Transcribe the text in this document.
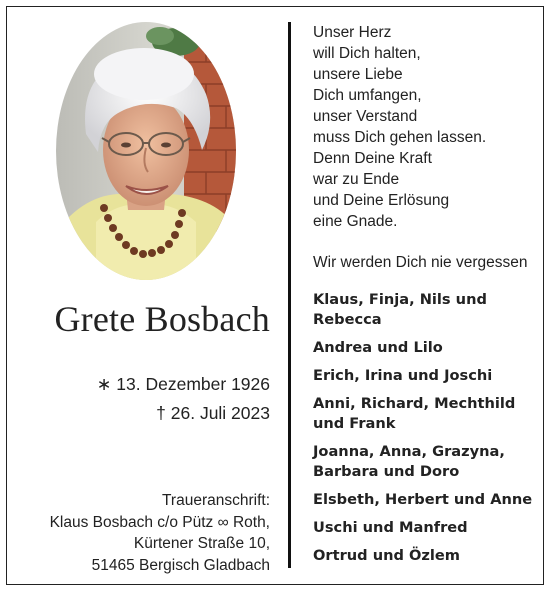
Grete Bosbach
∗ 13. Dezember 1926
† 26. Juli 2023
Traueranschrift:
Klaus Bosbach c/o Pütz ∞ Roth,
Kürtener Straße 10,
51465 Bergisch Gladbach
Unser Herz
will Dich halten,
unsere Liebe
Dich umfangen,
unser Verstand
muss Dich gehen lassen.
Denn Deine Kraft
war zu Ende
und Deine Erlösung
eine Gnade.
Wir werden Dich nie vergessen
Klaus, Finja, Nils und
Rebecca
Andrea und Lilo
Erich, Irina und Joschi
Anni, Richard, Mechthild
und Frank
Joanna, Anna, Grazyna,
Barbara und Doro
Elsbeth, Herbert und Anne
Uschi und Manfred
Ortrud und Özlem
